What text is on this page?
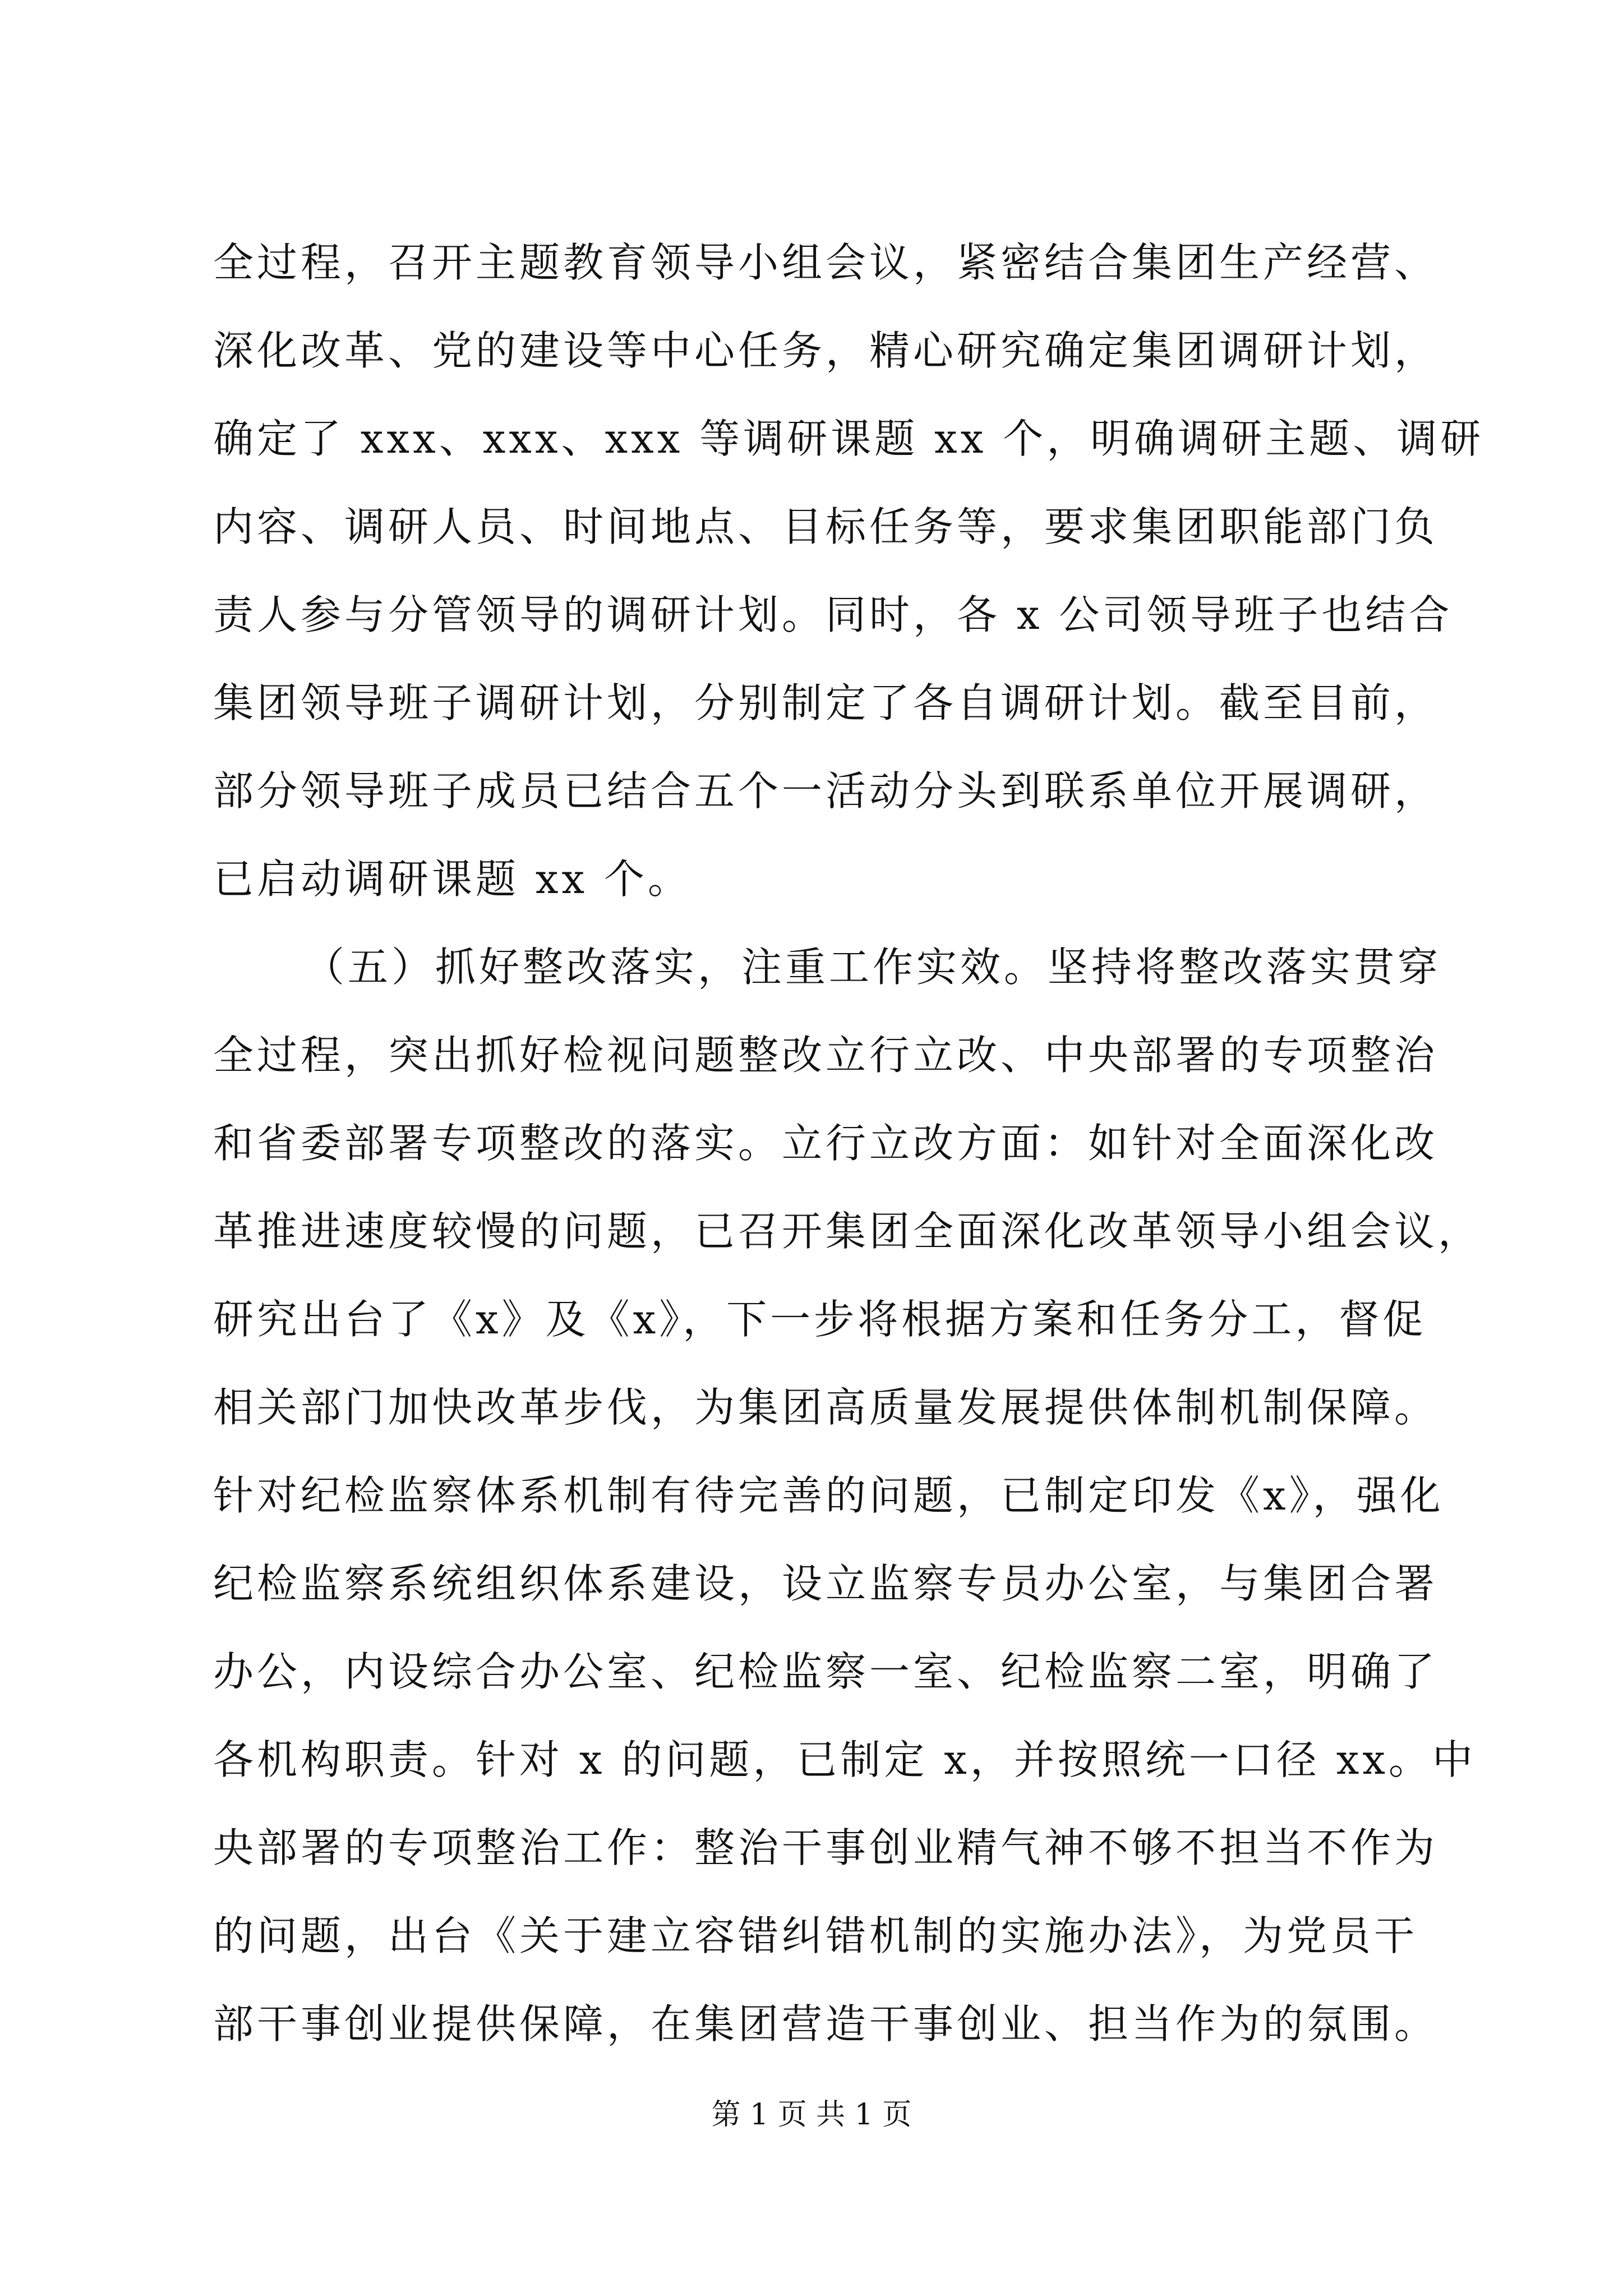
全过程，召开主题教育领导小组会议，紧密结合集团生产经营、
深化改革、党的建设等中心任务，精心研究确定集团调研计划，
确定了 xxx、xxx、xxx 等调研课题 xx 个，明确调研主题、调研
内容、调研人员、时间地点、目标任务等，要求集团职能部门负
责人参与分管领导的调研计划。同时，各 x 公司领导班子也结合
集团领导班子调研计划，分别制定了各自调研计划。截至目前，
部分领导班子成员已结合五个一活动分头到联系单位开展调研，
已启动调研课题 xx 个。
（五）抓好整改落实，注重工作实效。坚持将整改落实贯穿
全过程，突出抓好检视问题整改立行立改、中央部署的专项整治
和省委部署专项整改的落实。立行立改方面：如针对全面深化改
革推进速度较慢的问题，已召开集团全面深化改革领导小组会议，
研究出台了《x》及《x》，下一步将根据方案和任务分工，督促
相关部门加快改革步伐，为集团高质量发展提供体制机制保障。
针对纪检监察体系机制有待完善的问题，已制定印发《x》，强化
纪检监察系统组织体系建设，设立监察专员办公室，与集团合署
办公，内设综合办公室、纪检监察一室、纪检监察二室，明确了
各机构职责。针对 x 的问题，已制定 x，并按照统一口径 xx。中
央部署的专项整治工作：整治干事创业精气神不够不担当不作为
的问题，出台《关于建立容错纠错机制的实施办法》，为党员干
部干事创业提供保障，在集团营造干事创业、担当作为的氛围。
第 1 页 共 1 页
